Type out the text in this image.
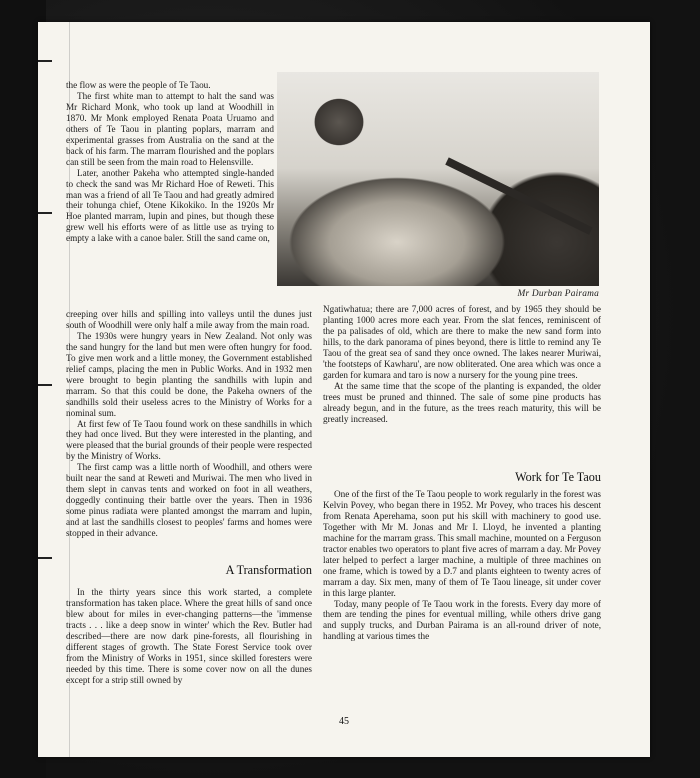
Mr Durban Pairama

the flow as were the people of Te Taou.

The first white man to attempt to halt the sand was Mr Richard Monk, who took up land at Woodhill in 1870. Mr Monk employed Renata Poata Uruamo and others of Te Taou in planting poplars, marram and experimental grasses from Australia on the sand at the back of his farm. The marram flourished and the poplars can still be seen from the main road to Helensville.

Later, another Pakeha who attempted single-handed to check the sand was Mr Richard Hoe of Reweti. This man was a friend of all Te Taou and had greatly admired their tohunga chief, Otene Kikokiko. In the 1920s Mr Hoe planted marram, lupin and pines, but though these grew well his efforts were of as little use as trying to empty a lake with a canoe baler. Still the sand came on,

creeping over hills and spilling into valleys until the dunes just south of Woodhill were only half a mile away from the main road.

The 1930s were hungry years in New Zealand. Not only was the sand hungry for the land but men were often hungry for food. To give men work and a little money, the Government established relief camps, placing the men in Public Works. And in 1932 men were brought to begin planting the sandhills with lupin and marram. So that this could be done, the Pakeha owners of the sandhills sold their useless acres to the Ministry of Works for a nominal sum.

At first few of Te Taou found work on these sandhills in which they had once lived. But they were interested in the planting, and were pleased that the burial grounds of their people were respected by the Ministry of Works.

The first camp was a little north of Woodhill, and others were built near the sand at Reweti and Muriwai. The men who lived in them slept in canvas tents and worked on foot in all weathers, doggedly continuing their battle over the years. Then in 1936 some pinus radiata were planted amongst the marram and lupin, and at last the sandhills closest to peoples' farms and homes were stopped in their advance.

A Transformation

In the thirty years since this work started, a complete transformation has taken place. Where the great hills of sand once blew about for miles in ever-changing patterns—the 'immense tracts . . . like a deep snow in winter' which the Rev. Butler had described—there are now dark pine-forests, all flourishing in different stages of growth. The State Forest Service took over from the Ministry of Works in 1951, since skilled foresters were needed by this time. There is some cover now on all the dunes except for a strip still owned by

Ngatiwhatua; there are 7,000 acres of forest, and by 1965 they should be planting 1000 acres more each year. From the slat fences, reminiscent of the pa palisades of old, which are there to make the new sand form into hills, to the dark panorama of pines beyond, there is little to remind any Te Taou of the great sea of sand they once owned. The lakes nearer Muriwai, 'the footsteps of Kawharu', are now obliterated. One area which was once a garden for kumara and taro is now a nursery for the young pine trees.

At the same time that the scope of the planting is expanded, the older trees must be pruned and thinned. The sale of some pine products has already begun, and in the future, as the trees reach maturity, this will be greatly increased.

Work for Te Taou

One of the first of the Te Taou people to work regularly in the forest was Kelvin Povey, who began there in 1952. Mr Povey, who traces his descent from Renata Aperehama, soon put his skill with machinery to good use. Together with Mr M. Jonas and Mr I. Lloyd, he invented a planting machine for the marram grass. This small machine, mounted on a Ferguson tractor enables two operators to plant five acres of marram a day. Mr Povey later helped to perfect a larger machine, a multiple of three machines on one frame, which is towed by a D.7 and plants eighteen to twenty acres of marram a day. Six men, many of them of Te Taou lineage, sit under cover in this large planter.

Today, many people of Te Taou work in the forests. Every day more of them are tending the pines for eventual milling, while others drive gang and supply trucks, and Durban Pairama is an all-round driver of note, handling at various times the

45
